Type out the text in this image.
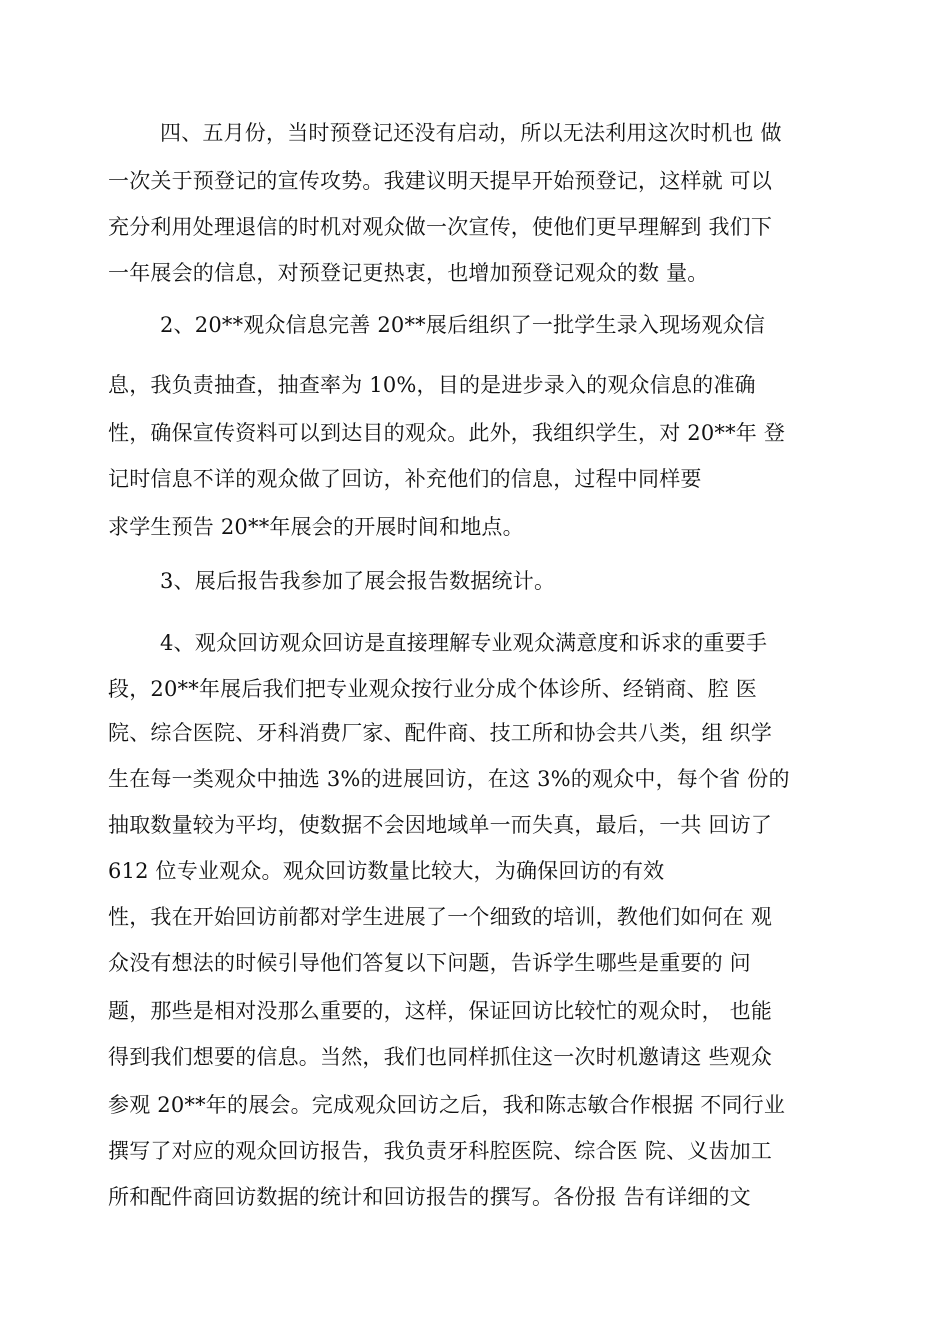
四、五月份，当时预登记还没有启动，所以无法利用这次时机也 做
一次关于预登记的宣传攻势。我建议明天提早开始预登记，这样就 可以
充分利用处理退信的时机对观众做一次宣传，使他们更早理解到 我们下
一年展会的信息，对预登记更热衷，也增加预登记观众的数 量。
2、20**观众信息完善 20**展后组织了一批学生录入现场观众信
息，我负责抽查，抽查率为 10%，目的是进步录入的观众信息的准确
性，确保宣传资料可以到达目的观众。此外，我组织学生，对 20**年 登
记时信息不详的观众做了回访，补充他们的信息，过程中同样要
求学生预告 20**年展会的开展时间和地点。
3、展后报告我参加了展会报告数据统计。
4、观众回访观众回访是直接理解专业观众满意度和诉求的重要手
段，20**年展后我们把专业观众按行业分成个体诊所、经销商、腔 医
院、综合医院、牙科消费厂家、配件商、技工所和协会共八类，组 织学
生在每一类观众中抽选 3%的进展回访，在这 3%的观众中，每个省 份的
抽取数量较为平均，使数据不会因地域单一而失真，最后，一共 回访了
612 位专业观众。观众回访数量比较大，为确保回访的有效
性，我在开始回访前都对学生进展了一个细致的培训，教他们如何在 观
众没有想法的时候引导他们答复以下问题，告诉学生哪些是重要的 问
题，那些是相对没那么重要的，这样，保证回访比较忙的观众时， 也能
得到我们想要的信息。当然，我们也同样抓住这一次时机邀请这 些观众
参观 20**年的展会。完成观众回访之后，我和陈志敏合作根据 不同行业
撰写了对应的观众回访报告，我负责牙科腔医院、综合医 院、义齿加工
所和配件商回访数据的统计和回访报告的撰写。各份报 告有详细的文
